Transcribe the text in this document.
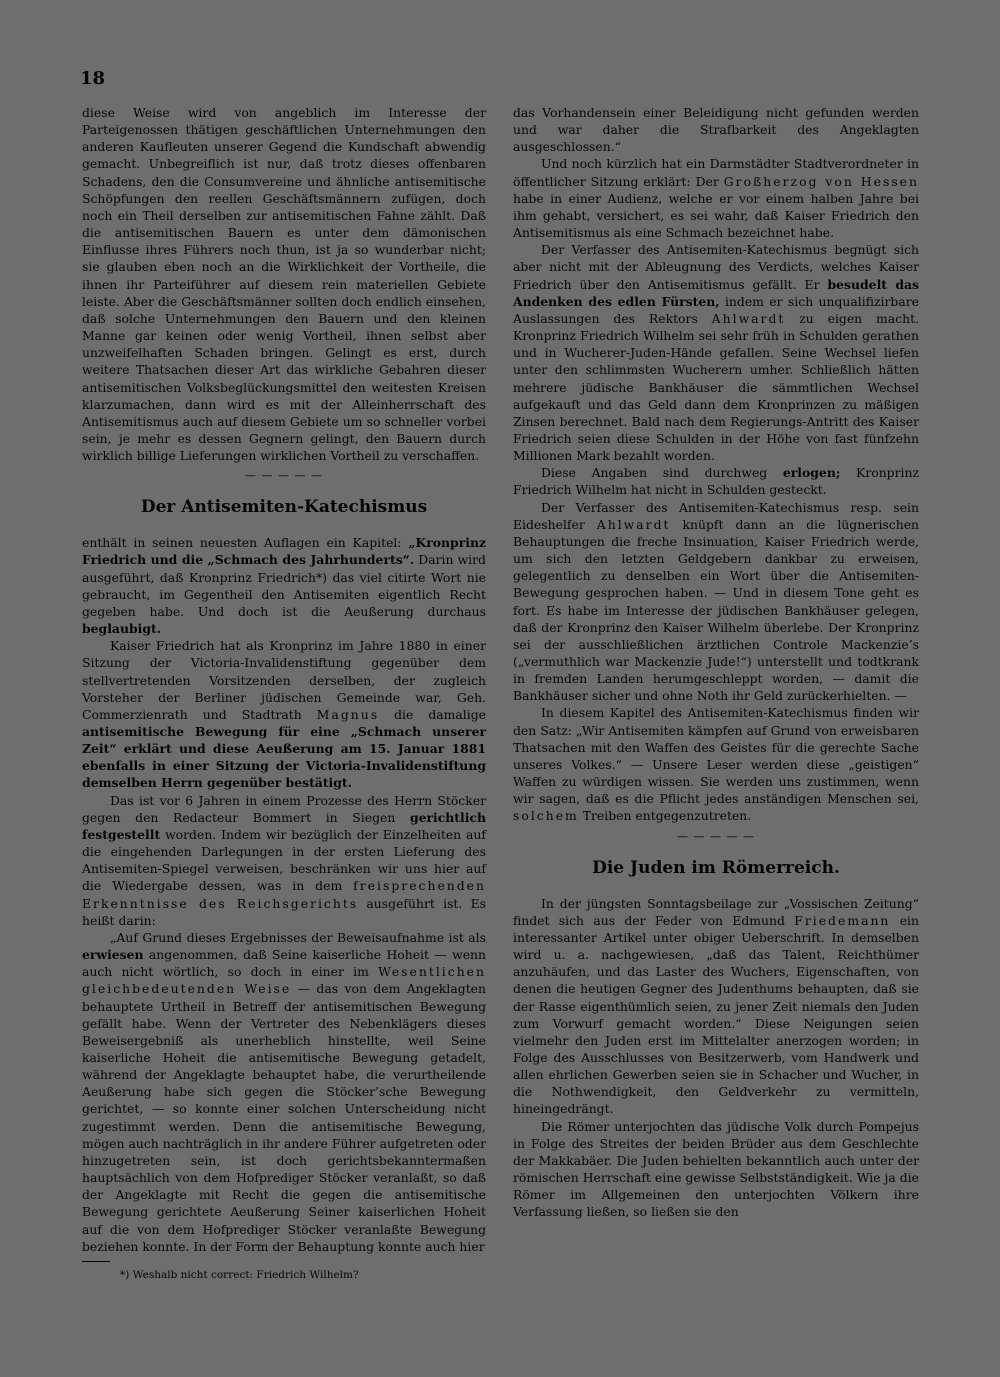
18

diese Weise wird von angeblich im Interesse der Parteigenossen thätigen geschäftlichen Unternehmungen den anderen Kaufleuten unserer Gegend die Kundschaft abwendig gemacht. Unbegreiflich ist nur, daß trotz dieses offenbaren Schadens, den die Consumvereine und ähnliche antisemitische Schöpfungen den reellen Geschäftsmännern zufügen, doch noch ein Theil derselben zur antisemitischen Fahne zählt. Daß die antisemitischen Bauern es unter dem dämonischen Einflusse ihres Führers noch thun, ist ja so wunderbar nicht; sie glauben eben noch an die Wirklichkeit der Vortheile, die ihnen ihr Parteiführer auf diesem rein materiellen Gebiete leiste. Aber die Geschäftsmänner sollten doch endlich einsehen, daß solche Unternehmungen den Bauern und den kleinen Manne gar keinen oder wenig Vortheil, ihnen selbst aber unzweifelhaften Schaden bringen. Gelingt es erst, durch weitere Thatsachen dieser Art das wirkliche Gebahren dieser antisemitischen Volksbeglückungsmittel den weitesten Kreisen klarzumachen, dann wird es mit der Alleinherrschaft des Antisemitismus auch auf diesem Gebiete um so schneller vorbei sein, je mehr es dessen Gegnern gelingt, den Bauern durch wirklich billige Lieferungen wirklichen Vortheil zu verschaffen.

— — — — —
Der Antisemiten-Katechismus

enthält in seinen neuesten Auflagen ein Kapitel: „Kronprinz Friedrich und die „Schmach des Jahrhunderts“. Darin wird ausgeführt, daß Kronprinz Friedrich*) das viel citirte Wort nie gebraucht, im Gegentheil den Antisemiten eigentlich Recht gegeben habe. Und doch ist die Aeußerung durchaus beglaubigt.

Kaiser Friedrich hat als Kronprinz im Jahre 1880 in einer Sitzung der Victoria-Invalidenstiftung gegenüber dem stellvertretenden Vorsitzenden derselben, der zugleich Vorsteher der Berliner jüdischen Gemeinde war, Geh. Commerzienrath und Stadtrath Magnus die damalige antisemitische Bewegung für eine „Schmach unserer Zeit“ erklärt und diese Aeußerung am 15. Januar 1881 ebenfalls in einer Sitzung der Victoria-Invalidenstiftung demselben Herrn gegenüber bestätigt.

Das ist vor 6 Jahren in einem Prozesse des Herrn Stöcker gegen den Redacteur Bommert in Siegen gerichtlich festgestellt worden. Indem wir bezüglich der Einzelheiten auf die eingehenden Darlegungen in der ersten Lieferung des Antisemiten-Spiegel verweisen, beschränken wir uns hier auf die Wiedergabe dessen, was in dem freisprechenden Erkenntnisse des Reichsgerichts ausgeführt ist. Es heißt darin:

„Auf Grund dieses Ergebnisses der Beweisaufnahme ist als erwiesen angenommen, daß Seine kaiserliche Hoheit — wenn auch nicht wörtlich, so doch in einer im Wesentlichen gleichbedeutenden Weise — das von dem Angeklagten behauptete Urtheil in Betreff der antisemitischen Bewegung gefällt habe. Wenn der Vertreter des Nebenklägers dieses Beweisergebniß als unerheblich hinstellte, weil Seine kaiserliche Hoheit die antisemitische Bewegung getadelt, während der Angeklagte behauptet habe, die verurtheilende Aeußerung habe sich gegen die Stöcker’sche Bewegung gerichtet, — so konnte einer solchen Unterscheidung nicht zugestimmt werden. Denn die antisemitische Bewegung, mögen auch nachträglich in ihr andere Führer aufgetreten oder hinzugetreten sein, ist doch gerichtsbekanntermaßen hauptsächlich von dem Hofprediger Stöcker veranlaßt, so daß der Angeklagte mit Recht die gegen die antisemitische Bewegung gerichtete Aeußerung Seiner kaiserlichen Hoheit auf die von dem Hofprediger Stöcker veranlaßte Bewegung beziehen konnte. In der Form der Behauptung konnte auch hier

*) Weshalb nicht correct: Friedrich Wilhelm?

das Vorhandensein einer Beleidigung nicht gefunden werden und war daher die Strafbarkeit des Angeklagten ausgeschlossen.“

Und noch kürzlich hat ein Darmstädter Stadtverordneter in öffentlicher Sitzung erklärt: Der Großherzog von Hessen habe in einer Audienz, welche er vor einem halben Jahre bei ihm gehabt, versichert, es sei wahr, daß Kaiser Friedrich den Antisemitismus als eine Schmach bezeichnet habe.

Der Verfasser des Antisemiten-Katechismus begnügt sich aber nicht mit der Ableugnung des Verdicts, welches Kaiser Friedrich über den Antisemitismus gefällt. Er besudelt das Andenken des edlen Fürsten, indem er sich unqualifizirbare Auslassungen des Rektors Ahlwardt zu eigen macht. Kronprinz Friedrich Wilhelm sei sehr früh in Schulden gerathen und in Wucherer-Juden-Hände gefallen. Seine Wechsel liefen unter den schlimmsten Wucherern umher. Schließlich hätten mehrere jüdische Bankhäuser die sämmtlichen Wechsel aufgekauft und das Geld dann dem Kronprinzen zu mäßigen Zinsen berechnet. Bald nach dem Regierungs-Antritt des Kaiser Friedrich seien diese Schulden in der Höhe von fast fünfzehn Millionen Mark bezahlt worden.

Diese Angaben sind durchweg erlogen; Kronprinz Friedrich Wilhelm hat nicht in Schulden gesteckt.

Der Verfasser des Antisemiten-Katechismus resp. sein Eideshelfer Ahlwardt knüpft dann an die lügnerischen Behauptungen die freche Insinuation, Kaiser Friedrich werde, um sich den letzten Geldgebern dankbar zu erweisen, gelegentlich zu denselben ein Wort über die Antisemiten-Bewegung gesprochen haben. — Und in diesem Tone geht es fort. Es habe im Interesse der jüdischen Bankhäuser gelegen, daß der Kronprinz den Kaiser Wilhelm überlebe. Der Kronprinz sei der ausschließlichen ärztlichen Controle Mackenzie’s („vermuthlich war Mackenzie Jude!“) unterstellt und todtkrank in fremden Landen herumgeschleppt worden, — damit die Bankhäuser sicher und ohne Noth ihr Geld zurückerhielten. —

In diesem Kapitel des Antisemiten-Katechismus finden wir den Satz: „Wir Antisemiten kämpfen auf Grund von erweisbaren Thatsachen mit den Waffen des Geistes für die gerechte Sache unseres Volkes.“ — Unsere Leser werden diese „geistigen“ Waffen zu würdigen wissen. Sie werden uns zustimmen, wenn wir sagen, daß es die Pflicht jedes anständigen Menschen sei, solchem Treiben entgegenzutreten.

— — — — —
Die Juden im Römerreich.

In der jüngsten Sonntagsbeilage zur „Vossischen Zeitung“ findet sich aus der Feder von Edmund Friedemann ein interessanter Artikel unter obiger Ueberschrift. In demselben wird u. a. nachgewiesen, „daß das Talent, Reichthümer anzuhäufen, und das Laster des Wuchers, Eigenschaften, von denen die heutigen Gegner des Judenthums behaupten, daß sie der Rasse eigenthümlich seien, zu jener Zeit niemals den Juden zum Vorwurf gemacht worden.“ Diese Neigungen seien vielmehr den Juden erst im Mittelalter anerzogen worden; in Folge des Ausschlusses von Besitzerwerb, vom Handwerk und allen ehrlichen Gewerben seien sie in Schacher und Wucher, in die Nothwendigkeit, den Geldverkehr zu vermitteln, hineingedrängt.

Die Römer unterjochten das jüdische Volk durch Pompejus in Folge des Streites der beiden Brüder aus dem Geschlechte der Makkabäer. Die Juden behielten bekanntlich auch unter der römischen Herrschaft eine gewisse Selbstständigkeit. Wie ja die Römer im Allgemeinen den unterjochten Völkern ihre Verfassung ließen, so ließen sie den
